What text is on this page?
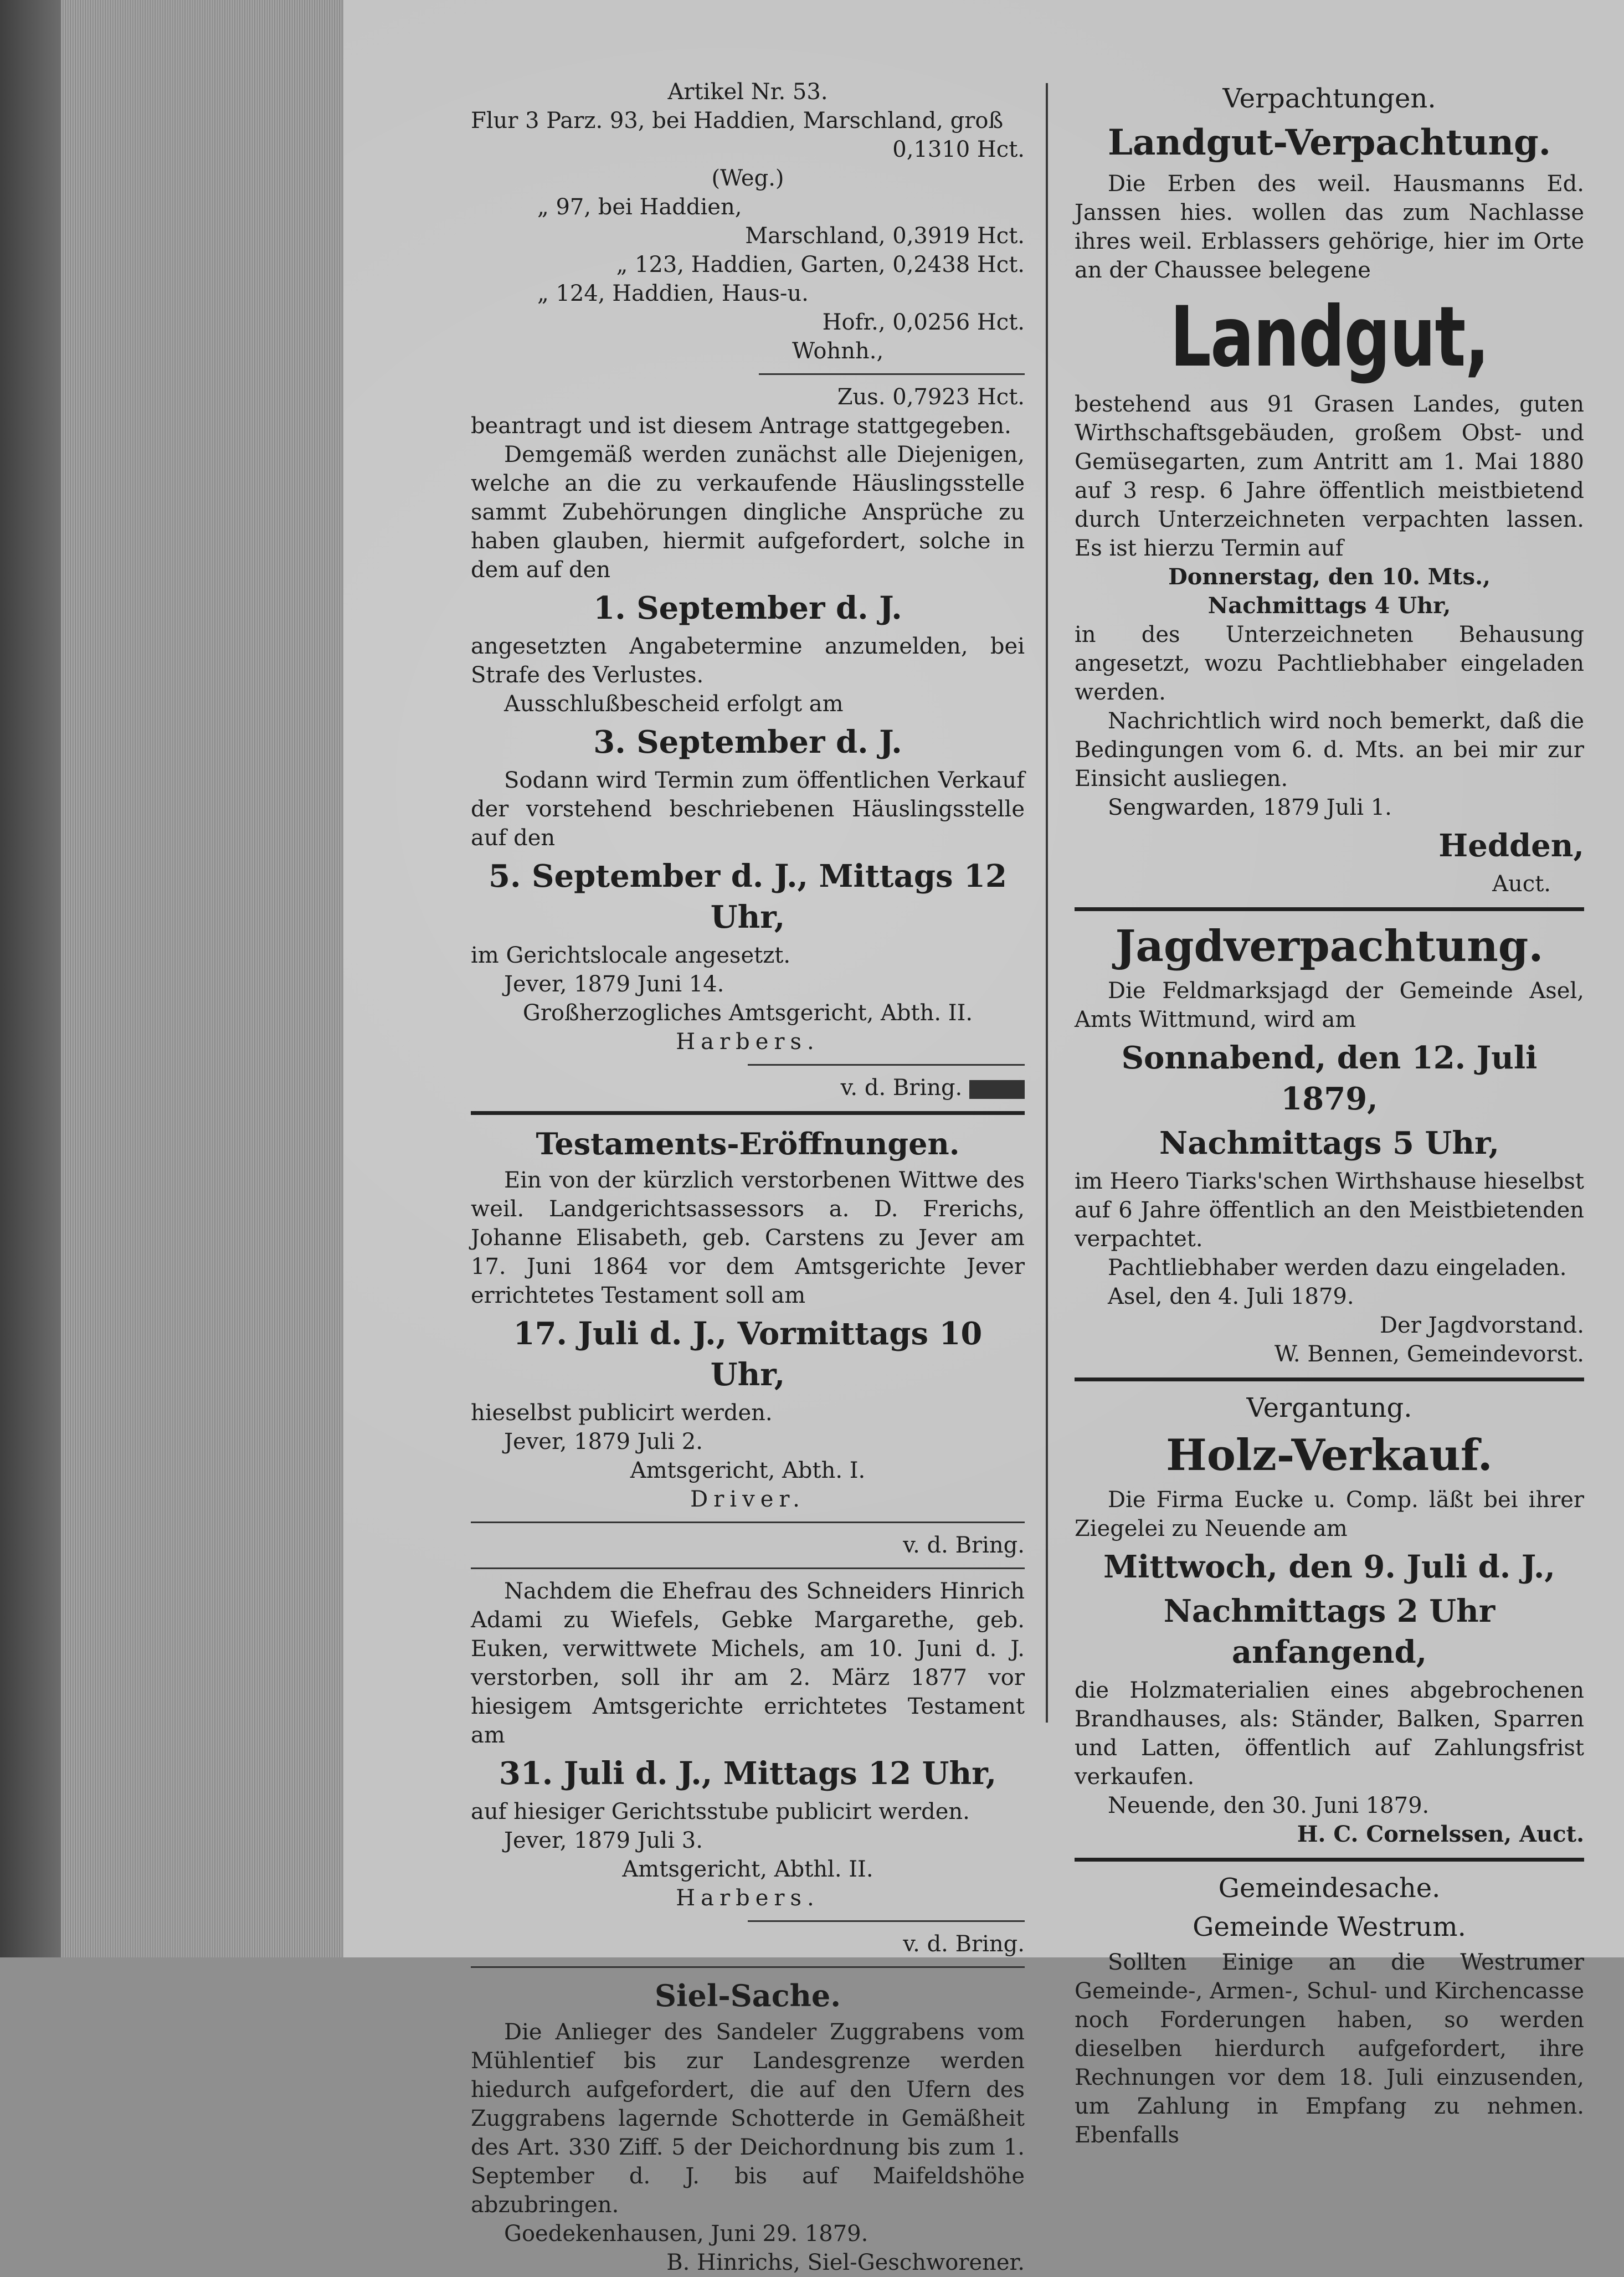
Artikel Nr. 53.

Flur 3 Parz. 93, bei Haddien, Marschland, groß

0,1310 Hct.

(Weg.)

„ 97, bei Haddien,

Marschland, 0,3919 Hct.

„ 123, Haddien, Garten, 0,2438 Hct.

„ 124, Haddien, Haus-u.

Hofr., 0,0256 Hct.

Wohnh.,

Zus. 0,7923 Hct.

beantragt und ist diesem Antrage stattgegeben.

Demgemäß werden zunächst alle Diejenigen, welche an die zu verkaufende Häuslingsstelle sammt Zubehörungen dingliche Ansprüche zu haben glauben, hiermit aufgefordert, solche in dem auf den

1. September d. J.

angesetzten Angabetermine anzumelden, bei Strafe des Verlustes.

Ausschlußbescheid erfolgt am

3. September d. J.

Sodann wird Termin zum öffentlichen Verkauf der vorstehend beschriebenen Häuslingsstelle auf den

5. September d. J., Mittags 12 Uhr,

im Gerichtslocale angesetzt.

Jever, 1879 Juni 14.

Großherzogliches Amtsgericht, Abth. II.

Harbers.

v. d. Bring.

Testaments-Eröffnungen.

Ein von der kürzlich verstorbenen Wittwe des weil. Landgerichtsassessors a. D. Frerichs, Johanne Elisabeth, geb. Carstens zu Jever am 17. Juni 1864 vor dem Amtsgerichte Jever errichtetes Testament soll am

17. Juli d. J., Vormittags 10 Uhr,

hieselbst publicirt werden.

Jever, 1879 Juli 2.

Amtsgericht, Abth. I.

Driver.

v. d. Bring.

Nachdem die Ehefrau des Schneiders Hinrich Adami zu Wiefels, Gebke Margarethe, geb. Euken, verwittwete Michels, am 10. Juni d. J. verstorben, soll ihr am 2. März 1877 vor hiesigem Amtsgerichte errichtetes Testament am

31. Juli d. J., Mittags 12 Uhr,

auf hiesiger Gerichtsstube publicirt werden.

Jever, 1879 Juli 3.

Amtsgericht, Abthl. II.

Harbers.

v. d. Bring.

Siel-Sache.

Die Anlieger des Sandeler Zuggrabens vom Mühlentief bis zur Landesgrenze werden hiedurch aufgefordert, die auf den Ufern des Zuggrabens lagernde Schotterde in Gemäßheit des Art. 330 Ziff. 5 der Deichordnung bis zum 1. September d. J. bis auf Maifeldshöhe abzubringen.

Goedekenhausen, Juni 29. 1879.

B. Hinrichs, Siel-Geschworener.

Verpachtungen.

Landgut-Verpachtung.

Die Erben des weil. Hausmanns Ed. Janssen hies. wollen das zum Nachlasse ihres weil. Erblassers gehörige, hier im Orte an der Chaussee belegene

Landgut,

bestehend aus 91 Grasen Landes, guten Wirthschaftsgebäuden, großem Obst- und Gemüsegarten, zum Antritt am 1. Mai 1880 auf 3 resp. 6 Jahre öffentlich meistbietend durch Unterzeichneten verpachten lassen. Es ist hierzu Termin auf

Donnerstag, den 10. Mts.,

Nachmittags 4 Uhr,

in des Unterzeichneten Behausung angesetzt, wozu Pachtliebhaber eingeladen werden.

Nachrichtlich wird noch bemerkt, daß die Bedingungen vom 6. d. Mts. an bei mir zur Einsicht ausliegen.

Sengwarden, 1879 Juli 1.

Hedden,

Auct.

Jagdverpachtung.

Die Feldmarksjagd der Gemeinde Asel, Amts Wittmund, wird am

Sonnabend, den 12. Juli 1879,

Nachmittags 5 Uhr,

im Heero Tiarks'schen Wirthshause hieselbst auf 6 Jahre öffentlich an den Meistbietenden verpachtet.

Pachtliebhaber werden dazu eingeladen.

Asel, den 4. Juli 1879.

Der Jagdvorstand.

W. Bennen, Gemeindevorst.

Vergantung.

Holz-Verkauf.

Die Firma Eucke u. Comp. läßt bei ihrer Ziegelei zu Neuende am

Mittwoch, den 9. Juli d. J.,

Nachmittags 2 Uhr anfangend,

die Holzmaterialien eines abgebrochenen Brandhauses, als: Ständer, Balken, Sparren und Latten, öffentlich auf Zahlungsfrist verkaufen.

Neuende, den 30. Juni 1879.

H. C. Cornelssen, Auct.

Gemeindesache.

Gemeinde Westrum.

Sollten Einige an die Westrumer Gemeinde-, Armen-, Schul- und Kirchencasse noch Forderungen haben, so werden dieselben hierdurch aufgefordert, ihre Rechnungen vor dem 18. Juli einzusenden, um Zahlung in Empfang zu nehmen. Ebenfalls
